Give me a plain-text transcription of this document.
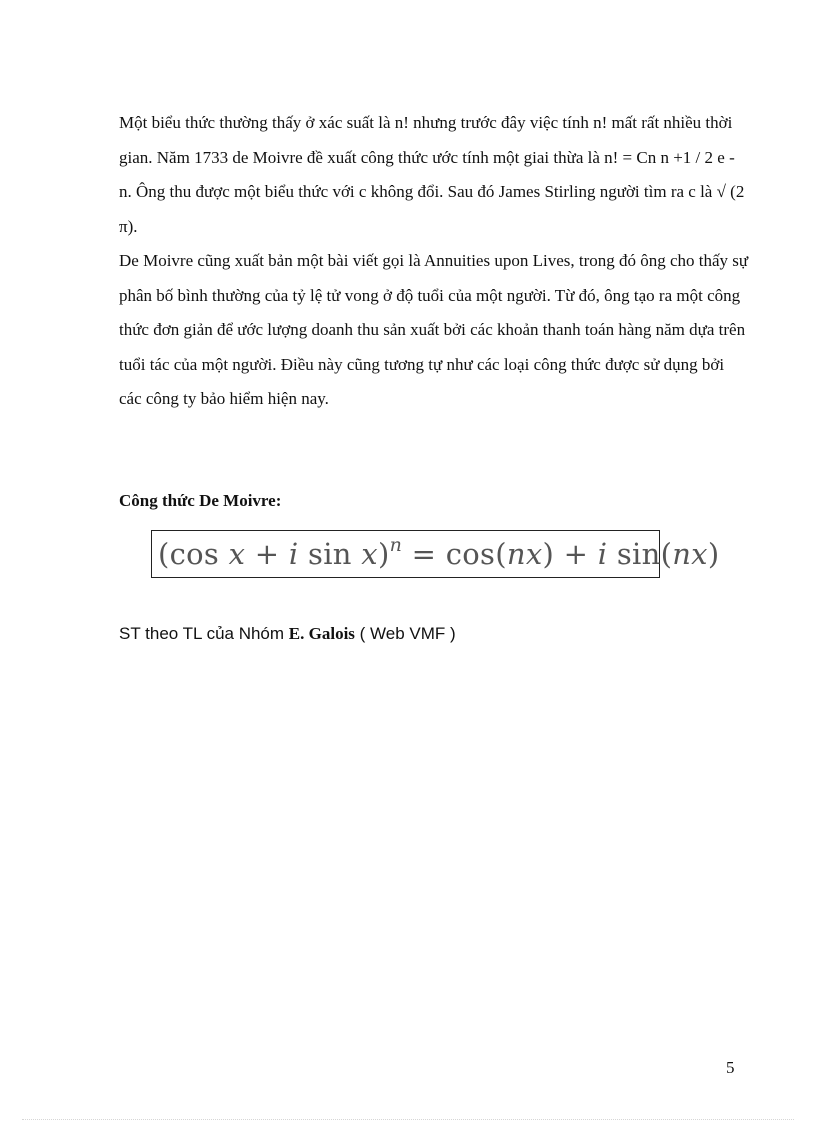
Một biểu thức thường thấy ở xác suất là n! nhưng trước đây việc tính n! mất rất nhiều thời gian. Năm 1733 de Moivre đề xuất công thức ước tính một giai thừa là n! = Cn n +1 / 2 e - n. Ông thu được một biểu thức với c không đổi. Sau đó James Stirling người tìm ra c là √ (2 π).

De Moivre cũng xuất bản một bài viết gọi là Annuities upon Lives, trong đó ông cho thấy sự phân bố bình thường của tỷ lệ tử vong ở độ tuổi của một người. Từ đó, ông tạo ra một công thức đơn giản để ước lượng doanh thu sản xuất bởi các khoản thanh toán hàng năm dựa trên tuổi tác của một người. Điều này cũng tương tự như các loại công thức được sử dụng bởi các công ty bảo hiểm hiện nay.

Công thức De Moivre:

(cos x + i sin x)$^n$ = cos(nx) + i sin(nx)

ST theo TL của Nhóm E. Galois ( Web VMF )

5
